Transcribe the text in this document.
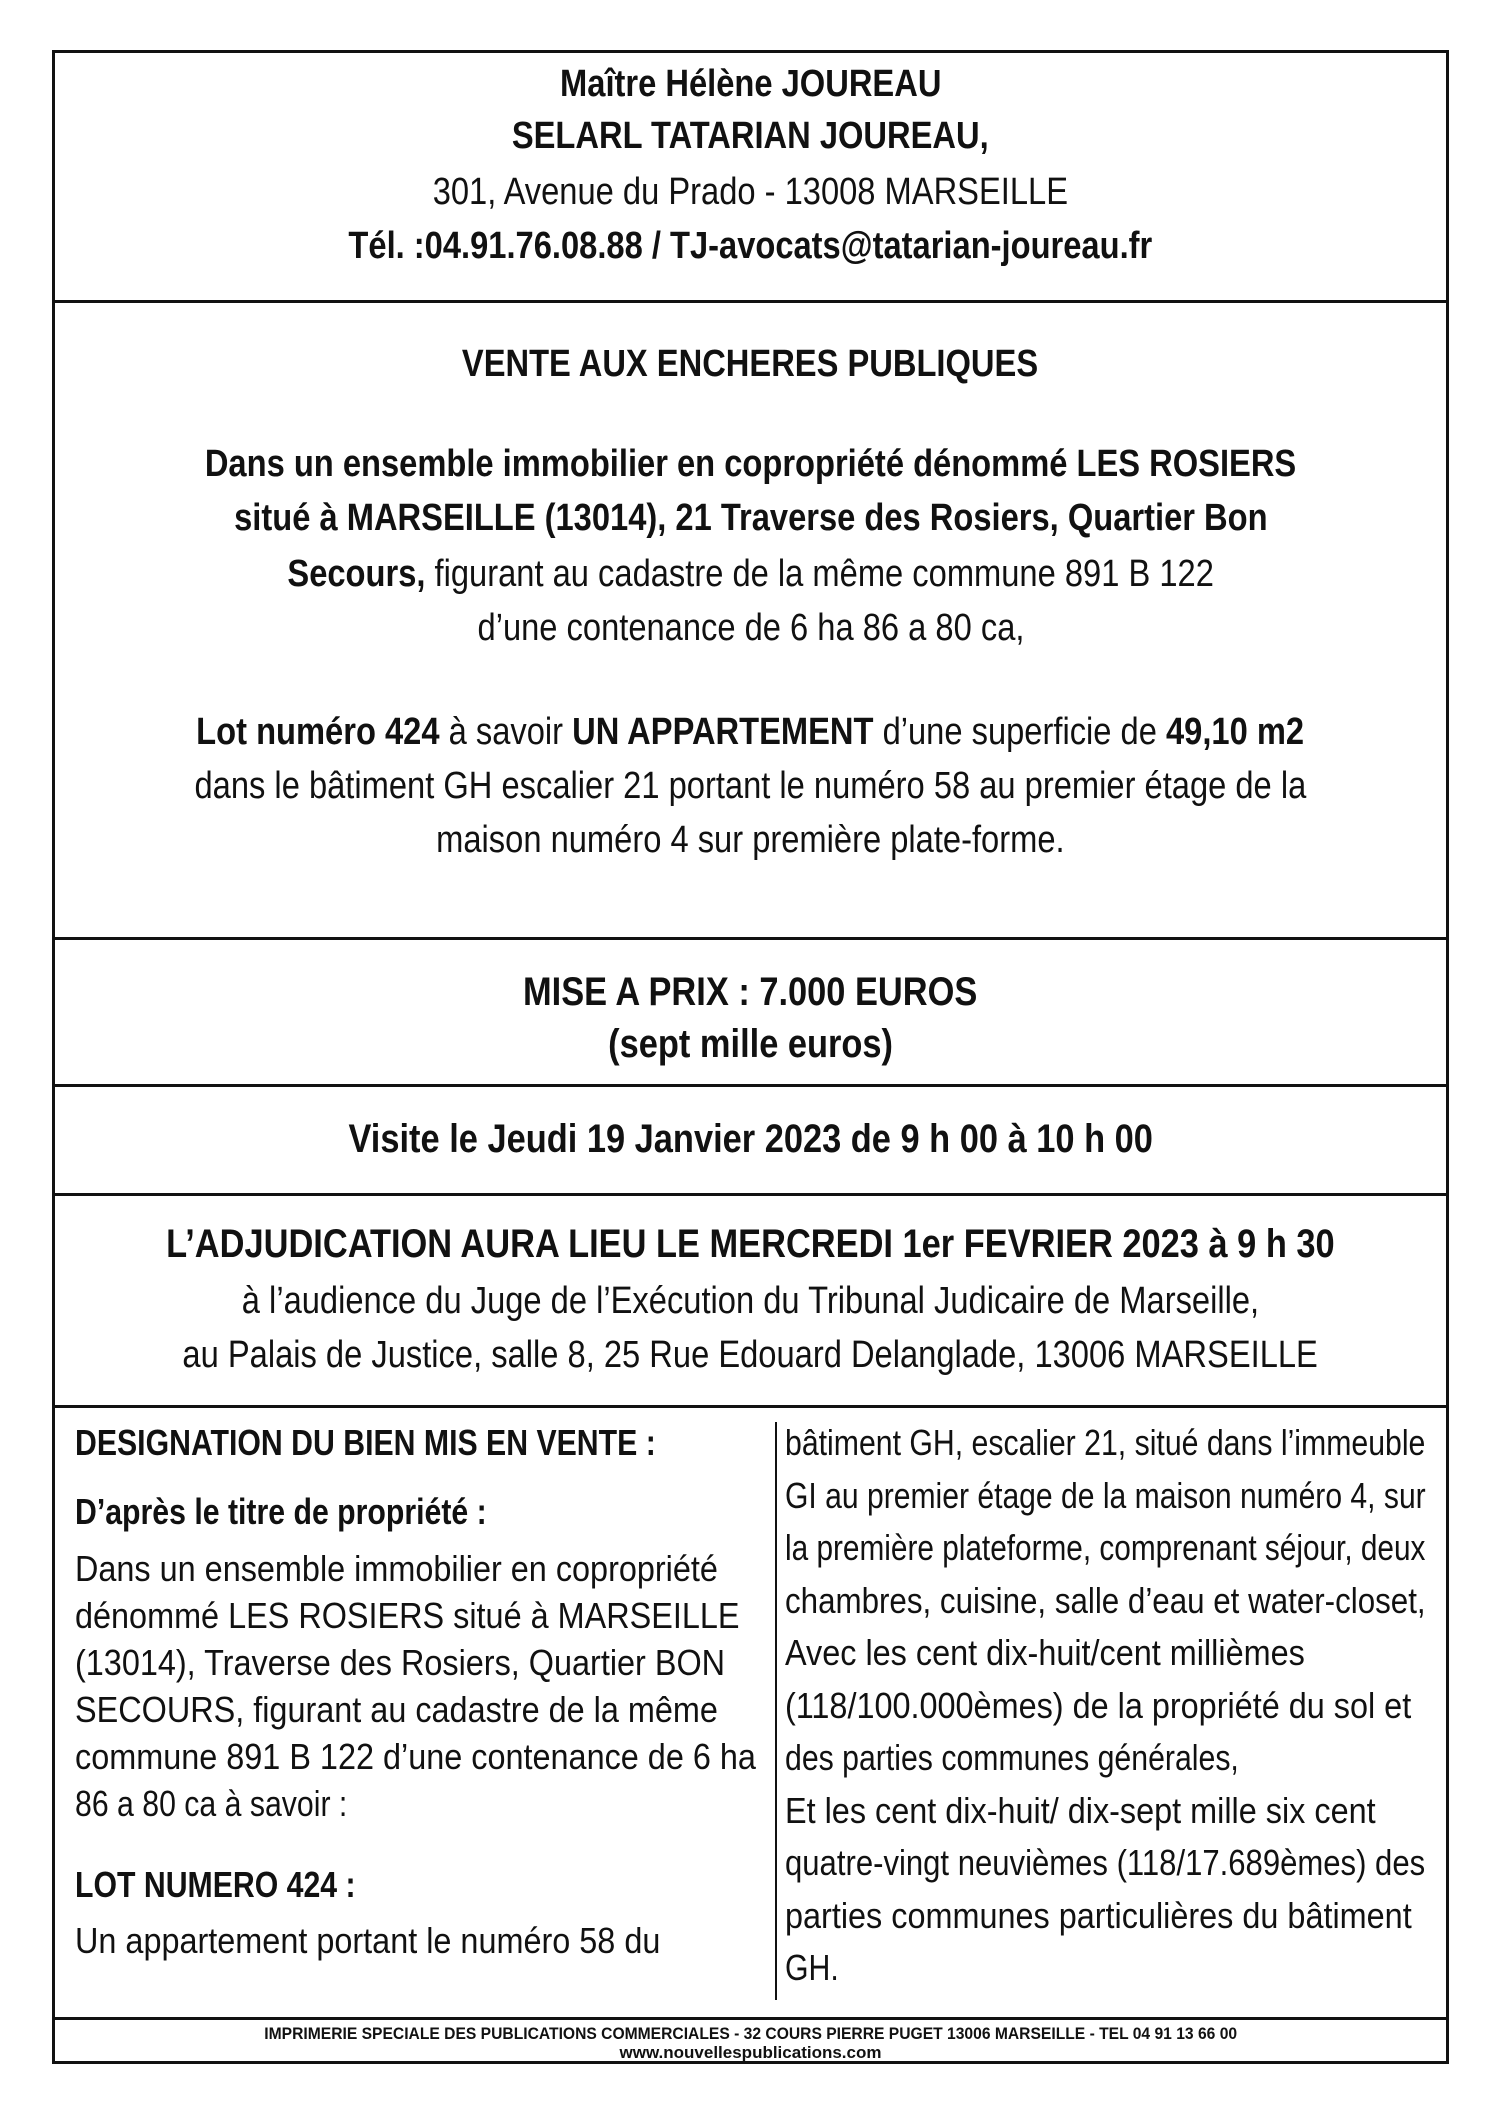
Maître Hélène JOUREAU
SELARL TATARIAN JOUREAU,
301, Avenue du Prado - 13008 MARSEILLE
Tél. :04.91.76.08.88 / TJ-avocats@tatarian-joureau.fr
VENTE AUX ENCHERES PUBLIQUES
Dans un ensemble immobilier en copropriété dénommé LES ROSIERS
situé à MARSEILLE (13014), 21 Traverse des Rosiers, Quartier Bon
Secours, figurant au cadastre de la même commune 891 B 122
d’une contenance de 6 ha 86 a 80 ca,
Lot numéro 424 à savoir UN APPARTEMENT d’une superficie de 49,10 m2
dans le bâtiment GH escalier 21 portant le numéro 58 au premier étage de la
maison numéro 4 sur première plate-forme.
MISE A PRIX : 7.000 EUROS
(sept mille euros)
Visite le Jeudi 19 Janvier 2023 de 9 h 00 à 10 h 00
L’ADJUDICATION AURA LIEU LE MERCREDI 1er FEVRIER 2023 à 9 h 30
à l’audience du Juge de l’Exécution du Tribunal Judicaire de Marseille,
au Palais de Justice, salle 8, 25 Rue Edouard Delanglade, 13006 MARSEILLE
DESIGNATION DU BIEN MIS EN VENTE :
D’après le titre de propriété :
Dans un ensemble immobilier en copropriété
dénommé LES ROSIERS situé à MARSEILLE
(13014), Traverse des Rosiers, Quartier BON
SECOURS, figurant au cadastre de la même
commune 891 B 122 d’une contenance de 6 ha
86 a 80 ca à savoir :
LOT NUMERO 424 :
Un appartement portant le numéro 58 du
bâtiment GH, escalier 21, situé dans l’immeuble
GI au premier étage de la maison numéro 4, sur
la première plateforme, comprenant séjour, deux
chambres, cuisine, salle d’eau et water-closet,
Avec les cent dix-huit/cent millièmes
(118/100.000èmes) de la propriété du sol et
des parties communes générales,
Et les cent dix-huit/ dix-sept mille six cent
quatre-vingt neuvièmes (118/17.689èmes) des
parties communes particulières du bâtiment
GH.
IMPRIMERIE SPECIALE DES PUBLICATIONS COMMERCIALES - 32 COURS PIERRE PUGET 13006 MARSEILLE - TEL 04 91 13 66 00
www.nouvellespublications.com
